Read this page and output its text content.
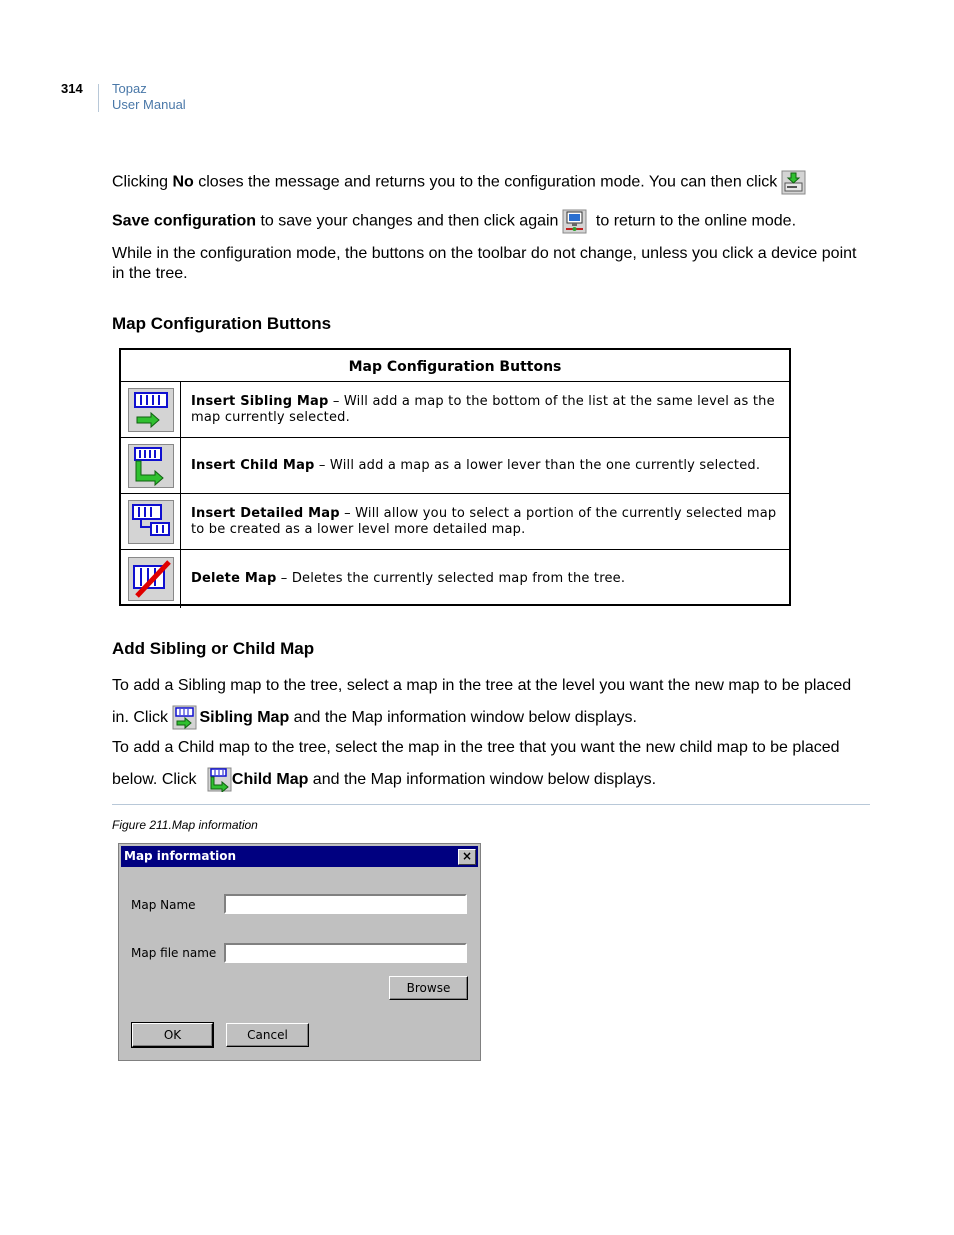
314 Topaz
User Manual
Clicking No closes the message and returns you to the configuration mode. You can then click
Save configuration to save your changes and then click again to return to the online mode.
While in the configuration mode, the buttons on the toolbar do not change, unless you click a device point in the tree.
Map Configuration Buttons
Map Configuration Buttons
Insert Sibling Map – Will add a map to the bottom of the list at the same level as the map currently selected.
Insert Child Map – Will add a map as a lower lever than the one currently selected.
Insert Detailed Map – Will allow you to select a portion of the currently selected map to be created as a lower level more detailed map.
Delete Map – Deletes the currently selected map from the tree.
Add Sibling or Child Map
To add a Sibling map to the tree, select a map in the tree at the level you want the new map to be placed in. Click Sibling Map and the Map information window below displays.
To add a Child map to the tree, select the map in the tree that you want the new child map to be placed below. Click Child Map and the Map information window below displays.
Figure 211.Map information
Map information	×
Map Name
Map file name
Browse
OK	Cancel
